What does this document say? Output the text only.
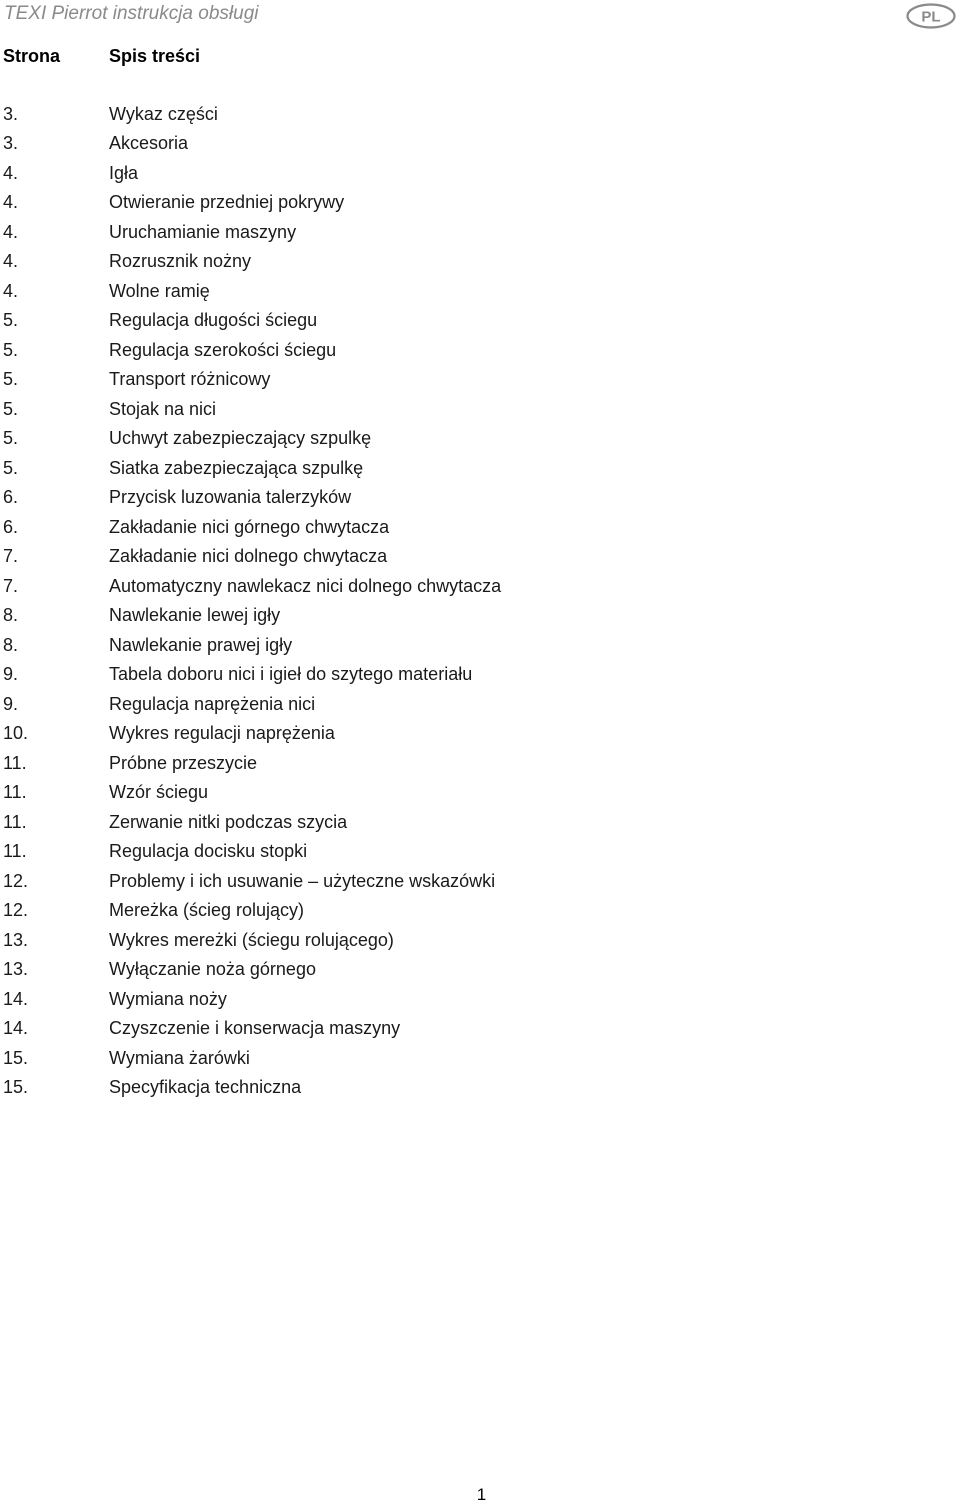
TEXI Pierrot instrukcja obsługi	PL
Strona	Spis treści
3.	Wykaz części
3.	Akcesoria
4.	Igła
4.	Otwieranie przedniej pokrywy
4.	Uruchamianie maszyny
4.	Rozrusznik nożny
4.	Wolne ramię
5.	Regulacja długości ściegu
5.	Regulacja szerokości ściegu
5.	Transport różnicowy
5.	Stojak na nici
5.	Uchwyt zabezpieczający szpulkę
5.	Siatka zabezpieczająca szpulkę
6.	Przycisk luzowania talerzyków
6.	Zakładanie nici górnego chwytacza
7.	Zakładanie nici dolnego chwytacza
7.	Automatyczny nawlekacz nici dolnego chwytacza
8.	Nawlekanie lewej igły
8.	Nawlekanie prawej igły
9.	Tabela doboru nici i igieł do szytego materiału
9.	Regulacja naprężenia nici
10.	Wykres regulacji naprężenia
11.	Próbne przeszycie
11.	Wzór ściegu
11.	Zerwanie nitki podczas szycia
11.	Regulacja docisku stopki
12.	Problemy i ich usuwanie – użyteczne wskazówki
12.	Mereżka (ścieg rolujący)
13.	Wykres mereżki (ściegu rolującego)
13.	Wyłączanie noża górnego
14.	Wymiana noży
14.	Czyszczenie i konserwacja maszyny
15.	Wymiana żarówki
15.	Specyfikacja techniczna
1
